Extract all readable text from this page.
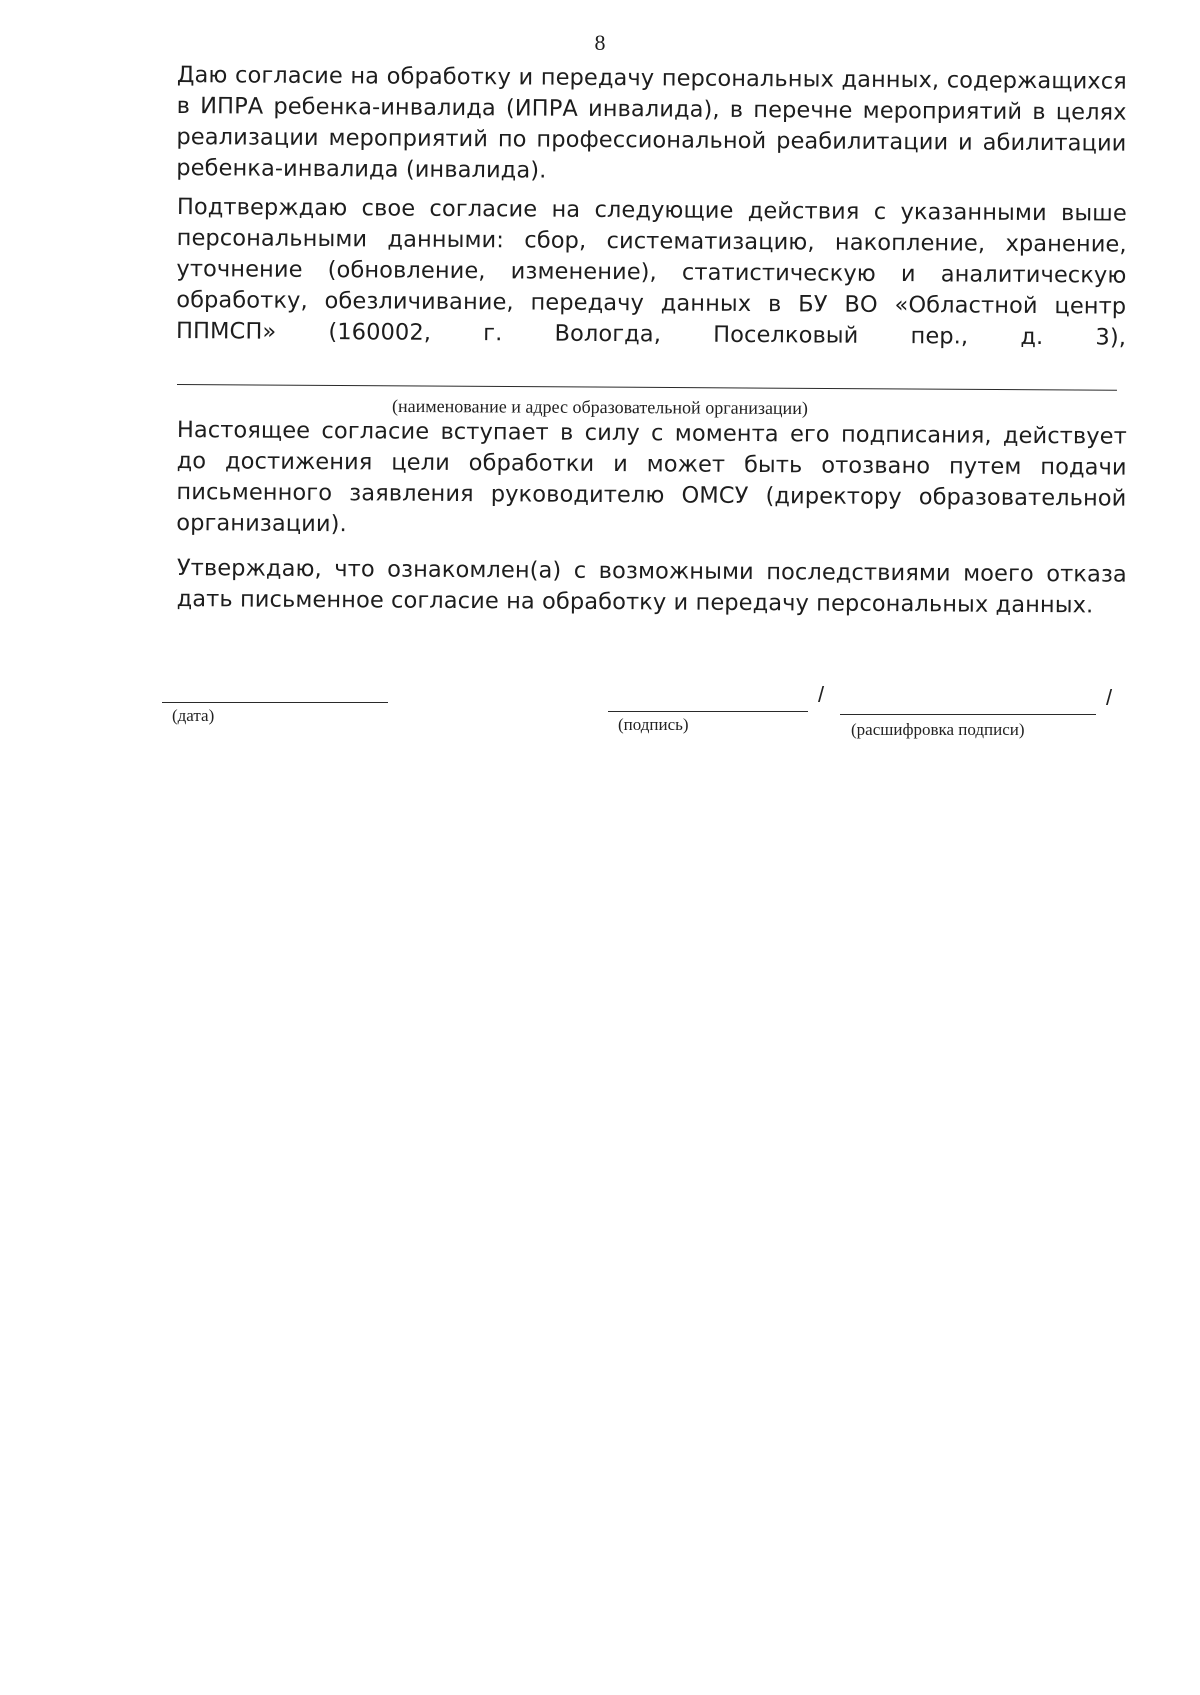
8

Даю согласие на обработку и передачу персональных данных, содержащихся в ИПРА ребенка-инвалида (ИПРА инвалида), в перечне мероприятий в целях реализации мероприятий по профессиональной реабилитации и абилитации ребенка-инвалида (инвалида).

Подтверждаю свое согласие на следующие действия с указанными выше персональными данными: сбор, систематизацию, накопление, хранение, уточнение (обновление, изменение), статистическую и аналитическую обработку, обезличивание, передачу данных в БУ ВО «Областной центр ППМСП» (160002, г. Вологда, Поселковый пер., д. 3),

(наименование и адрес образовательной организации)

Настоящее согласие вступает в силу с момента его подписания, действует до достижения цели обработки и может быть отозвано путем подачи письменного заявления руководителю ОМСУ (директору образовательной организации).

Утверждаю, что ознакомлен(а) с возможными последствиями моего отказа дать письменное согласие на обработку и передачу персональных данных.

(дата)
/
(подпись)
/
(расшифровка подписи)
